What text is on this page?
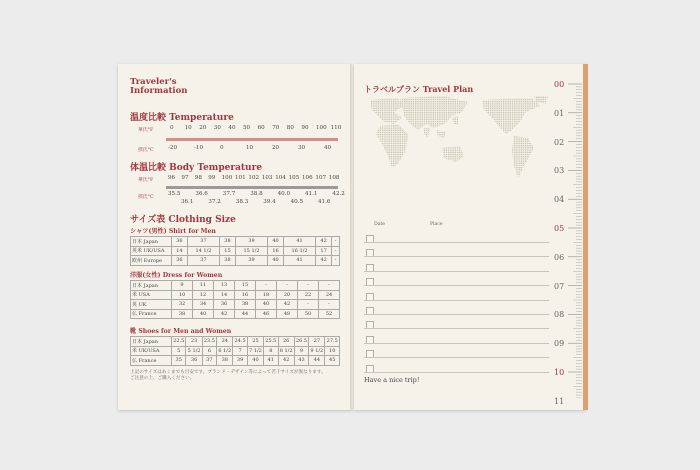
Traveler's
Information
温度比較 Temperature
華氏°F	0 10 20 30 40 50 60 70 80 90 100 110
摂氏°C	-20	-10	0	10	20	30	40
体温比較 Body Temperature
華氏°F	96 97 98 99 100 101 102 103 104 105 106 107 108
摂氏°C
35.5	36.6	37.7	38.8	40.0	41.1	42.2
36.1	37.2	38.3	39.4	40.5	41.6
サイズ表 Clothing Size
シャツ(男性) Shirt for Men
日本 Japan	36	37	38	39	40	41	42	-
英米 UK/USA	14	14 1/2	15	15 1/2	16	16 1/2	17	-
欧州 Europe	36	37	38	39	40	41	42	-
洋服(女性) Dress for Women
日本 Japan	9	11	13	15	-	-	-	-
米 USA	10	12	14	16	18	20	22	24
英 UK	32	34	36	38	40	42	-	-
仏 France	38	40	42	44	46	48	50	52
靴 Shoes for Men and Women
日本 Japan	22.5	23	23.5	24	24.5	25	25.5	26	26.5	27	27.5
米 UK/USA	5	5 1/2	6	6 1/2	7	7 1/2	8	8 1/2	9	9 1/2	10
仏 France	35	36	37	38	39	40	41	42	43	44	45
上記のサイズはあくまでも目安です。ブランド・デザイン等によって若干サイズが異なります。
ご注意の上、ご購入ください。
トラベルプラン Travel Plan
Date	Place
Have a nice trip!
00
01
02
03
04
05
06
07
08
09
10
11
